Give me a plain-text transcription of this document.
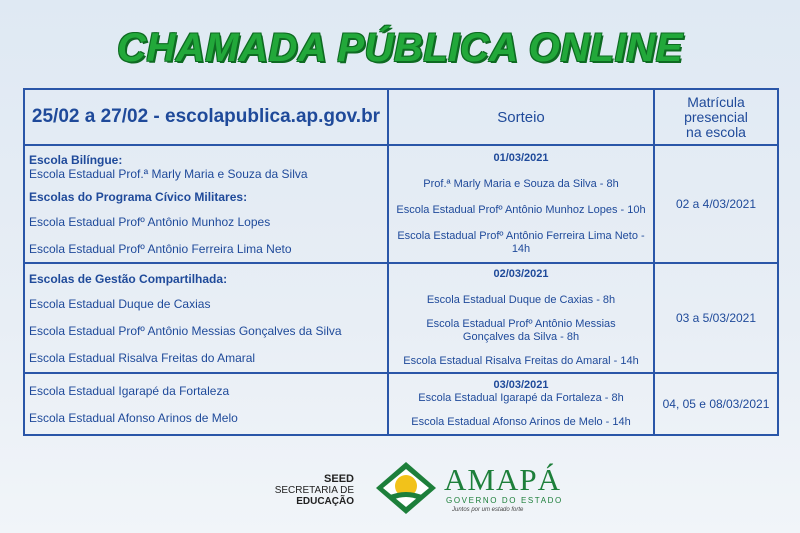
CHAMADA PÚBLICA ONLINE
25/02 a 27/02 - escolapublica.ap.gov.br	Sorteio	Matrícula presencial
na escola

Escola Bilíngue:
Escola Estadual Prof.ª Marly Maria e Souza da Silva
Escolas do Programa Cívico Militares:
Escola Estadual Profº Antônio Munhoz Lopes
Escola Estadual Profº Antônio Ferreira Lima Neto	01/03/2021
Prof.ª Marly Maria e Souza da Silva - 8h
Escola Estadual Profº Antônio Munhoz Lopes - 10h
Escola Estadual Profº Antônio Ferreira Lima Neto - 14h	02 a 4/03/2021

Escolas de Gestão Compartilhada:
Escola Estadual Duque de Caxias
Escola Estadual Profº Antônio Messias Gonçalves da Silva
Escola Estadual Risalva Freitas do Amaral	02/03/2021
Escola Estadual Duque de Caxias - 8h
Escola Estadual Profº Antônio Messias
Gonçalves da Silva - 8h
Escola Estadual Risalva Freitas do Amaral - 14h	03 a 5/03/2021

Escola Estadual Igarapé da Fortaleza
Escola Estadual Afonso Arinos de Melo	03/03/2021
Escola Estadual Igarapé da Fortaleza - 8h
Escola Estadual Afonso Arinos de Melo - 14h	04, 05 e 08/03/2021
SEED
SECRETARIA DE
EDUCAÇÃO
AMAPÁ
GOVERNO DO ESTADO
Juntos por um estado forte
